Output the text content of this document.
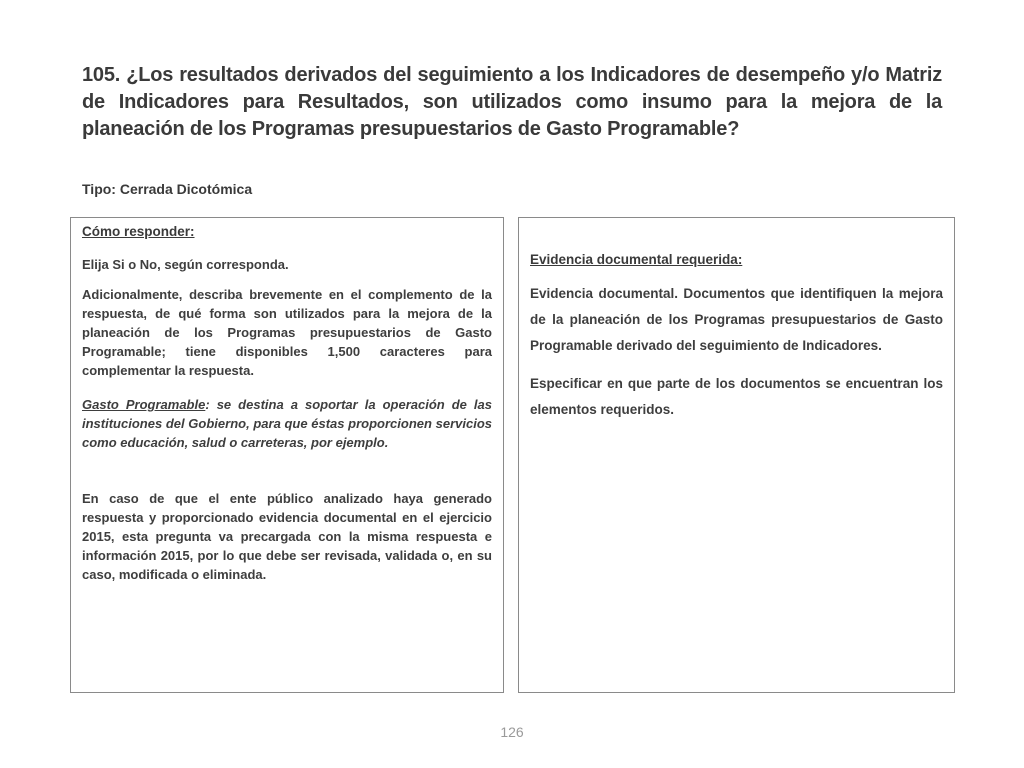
105. ¿Los resultados derivados del seguimiento a los Indicadores de desempeño y/o Matriz de Indicadores para Resultados, son utilizados como insumo para la mejora de la planeación de los Programas presupuestarios de Gasto Programable?
Tipo: Cerrada Dicotómica
Cómo responder:

Elija Si o No, según corresponda.

Adicionalmente, describa brevemente en el complemento de la respuesta, de qué forma son utilizados para la mejora de la planeación de los Programas presupuestarios de Gasto Programable; tiene disponibles 1,500 caracteres para complementar la respuesta.

Gasto Programable: se destina a soportar la operación de las instituciones del Gobierno, para que éstas proporcionen servicios como educación, salud o carreteras, por ejemplo.

En caso de que el ente público analizado haya generado respuesta y proporcionado evidencia documental en el ejercicio 2015, esta pregunta va precargada con la misma respuesta e información 2015, por lo que debe ser revisada, validada o, en su caso, modificada o eliminada.

Evidencia documental requerida:

Evidencia documental. Documentos que identifiquen la mejora de la planeación de los Programas presupuestarios de Gasto Programable derivado del seguimiento de Indicadores.

Especificar en que parte de los documentos se encuentran los elementos requeridos.

126
